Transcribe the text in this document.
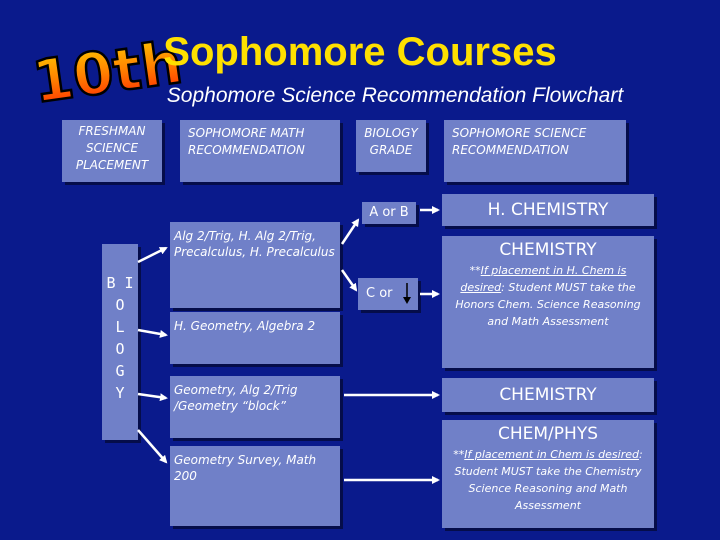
10th
Sophomore Courses
Sophomore Science Recommendation Flowchart
FRESHMAN SCIENCE PLACEMENT
SOPHOMORE MATH RECOMMENDATION
BIOLOGY GRADE
SOPHOMORE SCIENCE RECOMMENDATION

B I
O
L
O
G
Y

Alg 2/Trig, H. Alg 2/Trig, Precalculus, H. Precalculus
H. Geometry, Algebra 2
Geometry, Alg 2/Trig /Geometry “block”
Geometry Survey, Math 200
A or B
C or
H. CHEMISTRY
CHEMISTRY
**If placement in H. Chem is desired: Student MUST take the Honors Chem. Science Reasoning and Math Assessment
CHEMISTRY
CHEM/PHYS
**If placement in Chem is desired: Student MUST take the Chemistry Science Reasoning and Math Assessment
